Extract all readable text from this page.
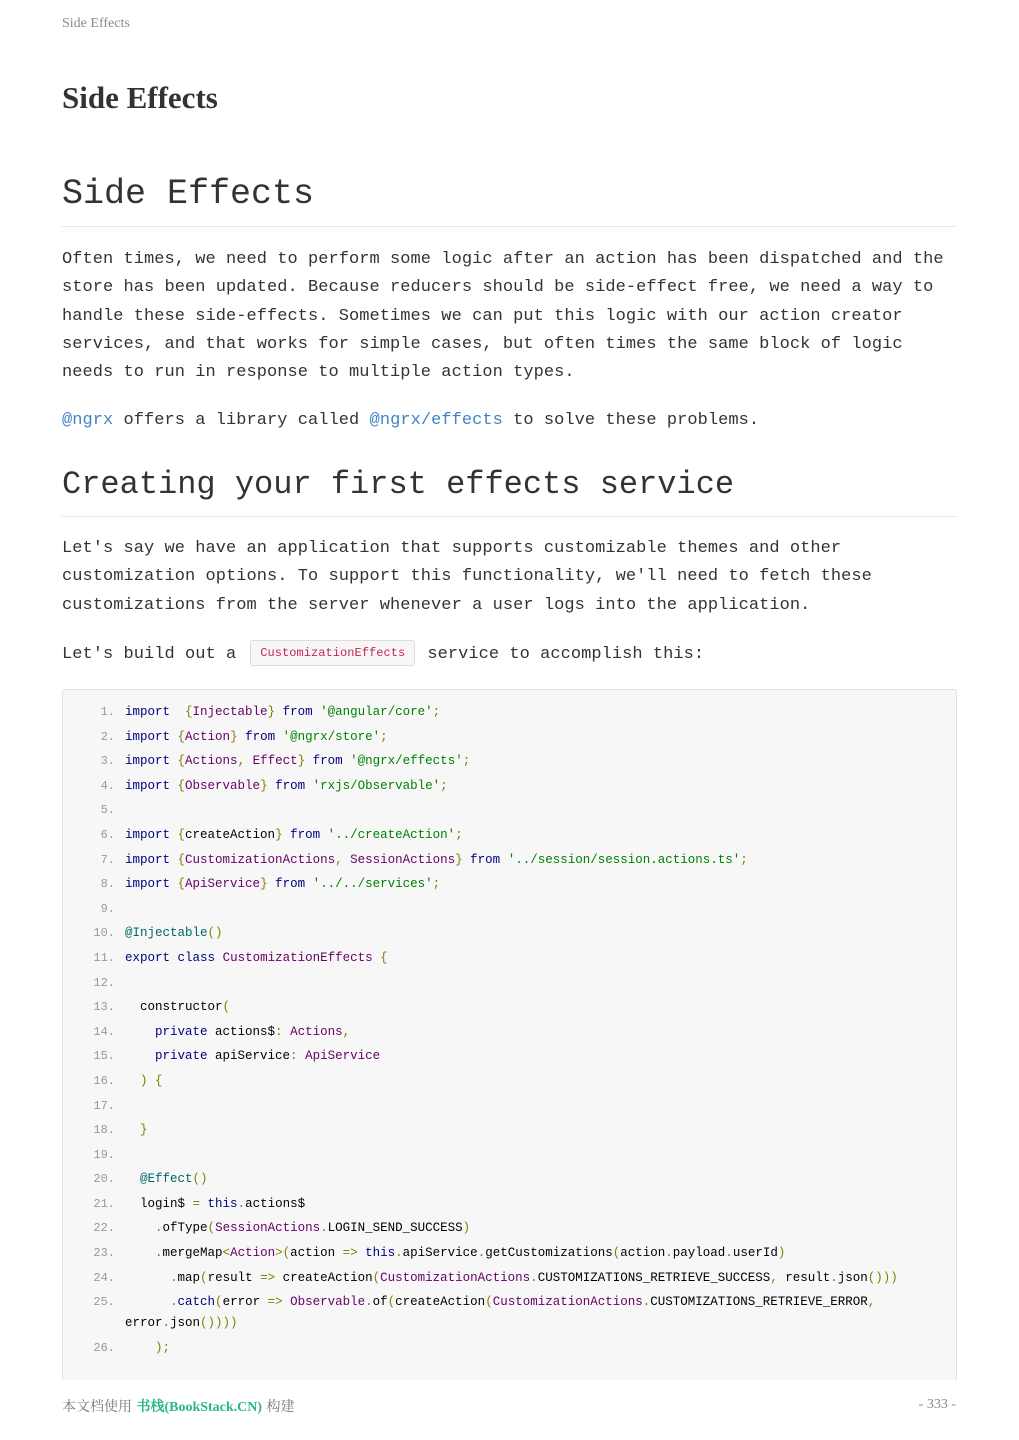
Side Effects
Side Effects
Side Effects

Often times, we need to perform some logic after an action has been dispatched and the store has been updated. Because reducers should be side-effect free, we need a way to handle these side-effects. Sometimes we can put this logic with our action creator services, and that works for simple cases, but often times the same block of logic needs to run in response to multiple action types.

@ngrx offers a library called @ngrx/effects to solve these problems.

Creating your first effects service

Let's say we have an application that supports customizable themes and other customization options. To support this functionality, we'll need to fetch these customizations from the server whenever a user logs into the application.

Let's build out a CustomizationEffects service to accomplish this:

1. import {Injectable} from '@angular/core';
2. import {Action} from '@ngrx/store';
3. import {Actions, Effect} from '@ngrx/effects';
4. import {Observable} from 'rxjs/Observable';
5.

6. import {createAction} from '../createAction';
7. import {CustomizationActions, SessionActions} from '../session/session.actions.ts';
8. import {ApiService} from '../../services';
9.

10. @Injectable()
11. export class CustomizationEffects {
12.

13. constructor(
14.	private actions$: Actions,
15.	private apiService: ApiService
16.	) {
17.

18.	}
19.

20.	@Effect()
21. login$ = this.actions$
22.	.ofType(SessionActions.LOGIN_SEND_SUCCESS)
23.	.mergeMap<Action>(action => this.apiService.getCustomizations(action.payload.userId)
24.	.map(result => createAction(CustomizationActions.CUSTOMIZATIONS_RETRIEVE_SUCCESS, result.json()))
25.	.catch(error => Observable.of(createAction(CustomizationActions.CUSTOMIZATIONS_RETRIEVE_ERROR,
error.json())))
26.	);
本文档使用 书栈(BookStack.CN) 构建	- 333 -
